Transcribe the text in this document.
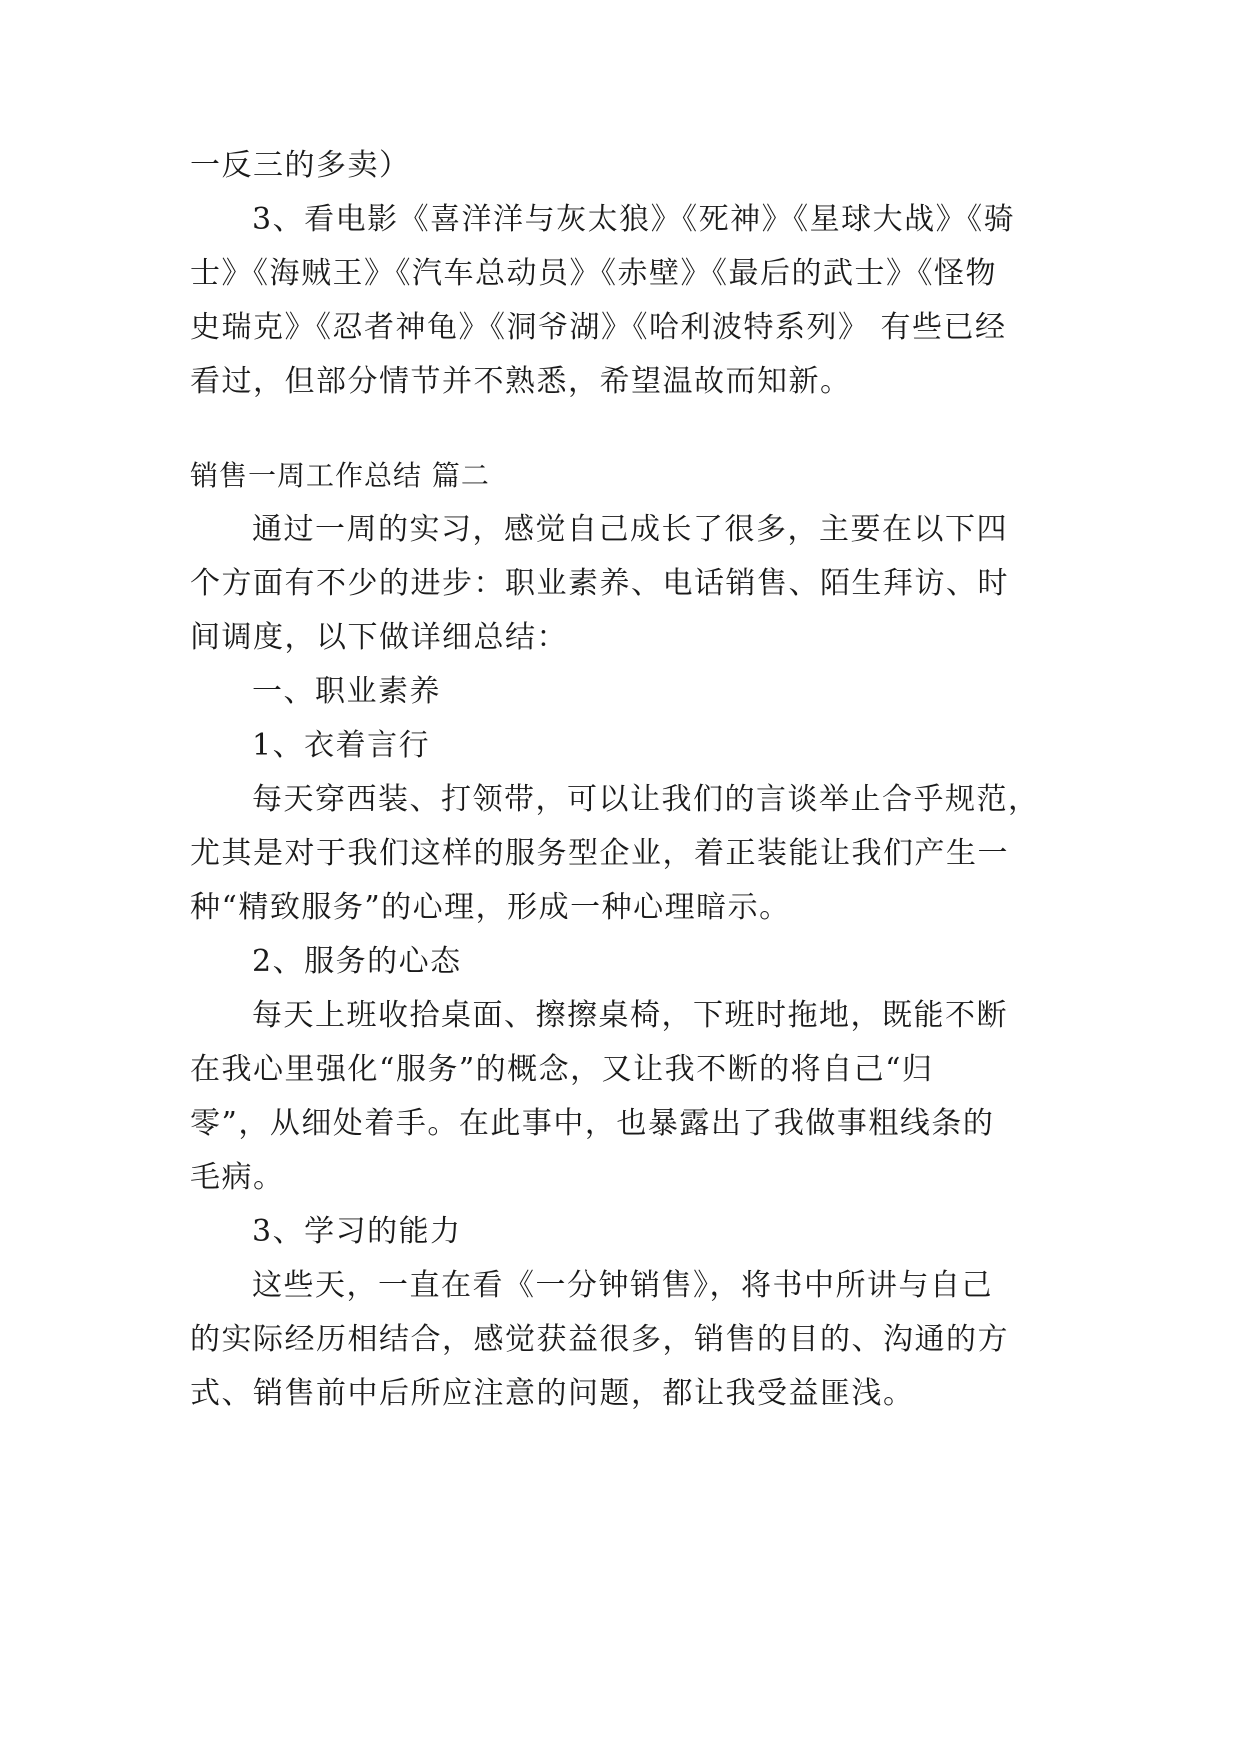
一反三的多卖）
3、看电影《喜洋洋与灰太狼》《死神》《星球大战》《骑
士》《海贼王》《汽车总动员》《赤壁》《最后的武士》《怪物
史瑞克》《忍者神龟》《洞爷湖》《哈利波特系列》 有些已经
看过，但部分情节并不熟悉，希望温故而知新。
销售一周工作总结 篇二
通过一周的实习，感觉自己成长了很多，主要在以下四
个方面有不少的进步：职业素养、电话销售、陌生拜访、时
间调度，以下做详细总结：
一、职业素养
1、衣着言行
每天穿西装、打领带，可以让我们的言谈举止合乎规范，
尤其是对于我们这样的服务型企业，着正装能让我们产生一
种“精致服务”的心理，形成一种心理暗示。
2、服务的心态
每天上班收拾桌面、擦擦桌椅，下班时拖地，既能不断
在我心里强化“服务”的概念，又让我不断的将自己“归
零”，从细处着手。在此事中，也暴露出了我做事粗线条的
毛病。
3、学习的能力
这些天，一直在看《一分钟销售》，将书中所讲与自己
的实际经历相结合，感觉获益很多，销售的目的、沟通的方
式、销售前中后所应注意的问题，都让我受益匪浅。
